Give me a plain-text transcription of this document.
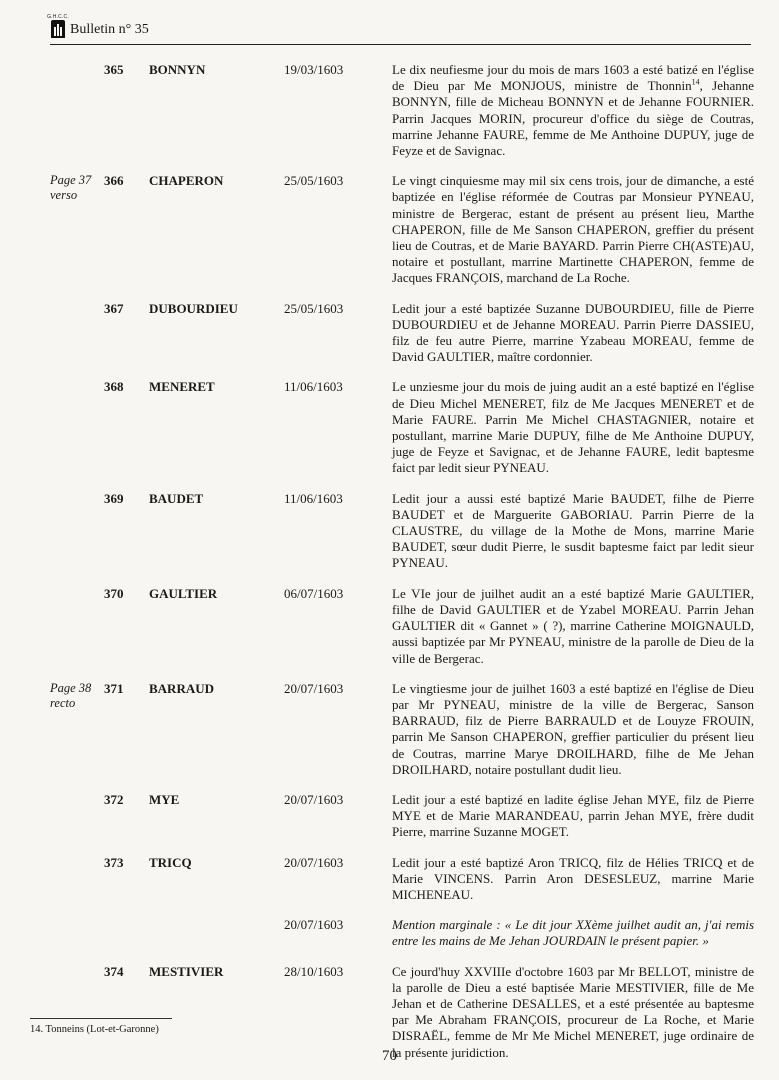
G.H.C.C.
Bulletin n° 35
365	BONNYN	19/03/1603	Le dix neufiesme jour du mois de mars 1603 a esté batizé en l'église de Dieu par Me MONJOUS, ministre de Thonnin$^{14}$, Jehanne BONNYN, fille de Micheau BONNYN et de Jehanne FOURNIER. Parrin Jacques MORIN, procureur d'office du siège de Coutras, marrine Jehanne FAURE, femme de Me Anthoine DUPUY, juge de Feyze et de Savignac.
Page 37 verso
366	CHAPERON	25/05/1603	Le vingt cinquiesme may mil six cens trois, jour de dimanche, a esté baptizée en l'église réformée de Coutras par Monsieur PYNEAU, ministre de Bergerac, estant de présent au présent lieu, Marthe CHAPERON, fille de Me Sanson CHAPERON, greffier du présent lieu de Coutras, et de Marie BAYARD. Parrin Pierre CH(ASTE)AU, notaire et postullant, marrine Martinette CHAPERON, femme de Jacques FRANÇOIS, marchand de La Roche.
367	DUBOURDIEU	25/05/1603	Ledit jour a esté baptizée Suzanne DUBOURDIEU, fille de Pierre DUBOURDIEU et de Jehanne MOREAU. Parrin Pierre DASSIEU, filz de feu autre Pierre, marrine Yzabeau MOREAU, femme de David GAULTIER, maître cordonnier.
368	MENERET	11/06/1603	Le unziesme jour du mois de juing audit an a esté baptizé en l'église de Dieu Michel MENERET, filz de Me Jacques MENERET et de Marie FAURE. Parrin Me Michel CHASTAGNIER, notaire et postullant, marrine Marie DUPUY, filhe de Me Anthoine DUPUY, juge de Feyze et Savignac, et de Jehanne FAURE, ledit baptesme faict par ledit sieur PYNEAU.
369	BAUDET	11/06/1603	Ledit jour a aussi esté baptizé Marie BAUDET, filhe de Pierre BAUDET et de Marguerite GABORIAU. Parrin Pierre de la CLAUSTRE, du village de la Mothe de Mons, marrine Marie BAUDET, sœur dudit Pierre, le susdit baptesme faict par ledit sieur PYNEAU.
370	GAULTIER	06/07/1603	Le VIe jour de juilhet audit an a esté baptizé Marie GAULTIER, filhe de David GAULTIER et de Yzabel MOREAU. Parrin Jehan GAULTIER dit « Gannet » ( ?), marrine Catherine MOIGNAULD, aussi baptizée par Mr PYNEAU, ministre de la parolle de Dieu de la ville de Bergerac.
Page 38 recto
371	BARRAUD	20/07/1603	Le vingtiesme jour de juilhet 1603 a esté baptizé en l'église de Dieu par Mr PYNEAU, ministre de la ville de Bergerac, Sanson BARRAUD, filz de Pierre BARRAULD et de Louyze FROUIN, parrin Me Sanson CHAPERON, greffier particulier du présent lieu de Coutras, marrine Marye DROILHARD, filhe de Me Jehan DROILHARD, notaire postullant dudit lieu.
372	MYE	20/07/1603	Ledit jour a esté baptizé en ladite église Jehan MYE, filz de Pierre MYE et de Marie MARANDEAU, parrin Jehan MYE, frère dudit Pierre, marrine Suzanne MOGET.
373	TRICQ	20/07/1603	Ledit jour a esté baptizé Aron TRICQ, filz de Hélies TRICQ et de Marie VINCENS. Parrin Aron DESESLEUZ, marrine Marie MICHENEAU.
20/07/1603	Mention marginale : « Le dit jour XXème juilhet audit an, j'ai remis entre les mains de Me Jehan JOURDAIN le présent papier. »
374	MESTIVIER	28/10/1603	Ce jourd'huy XXVIIIe d'octobre 1603 par Mr BELLOT, ministre de la parolle de Dieu a esté baptisée Marie MESTIVIER, fille de Me Jehan et de Catherine DESALLES, et a esté présentée au baptesme par Me Abraham FRANÇOIS, procureur de La Roche, et Marie DISRAËL, femme de Mr Me Michel MENERET, juge ordinaire de la présente juridiction.
14. Tonneins (Lot-et-Garonne)
70
